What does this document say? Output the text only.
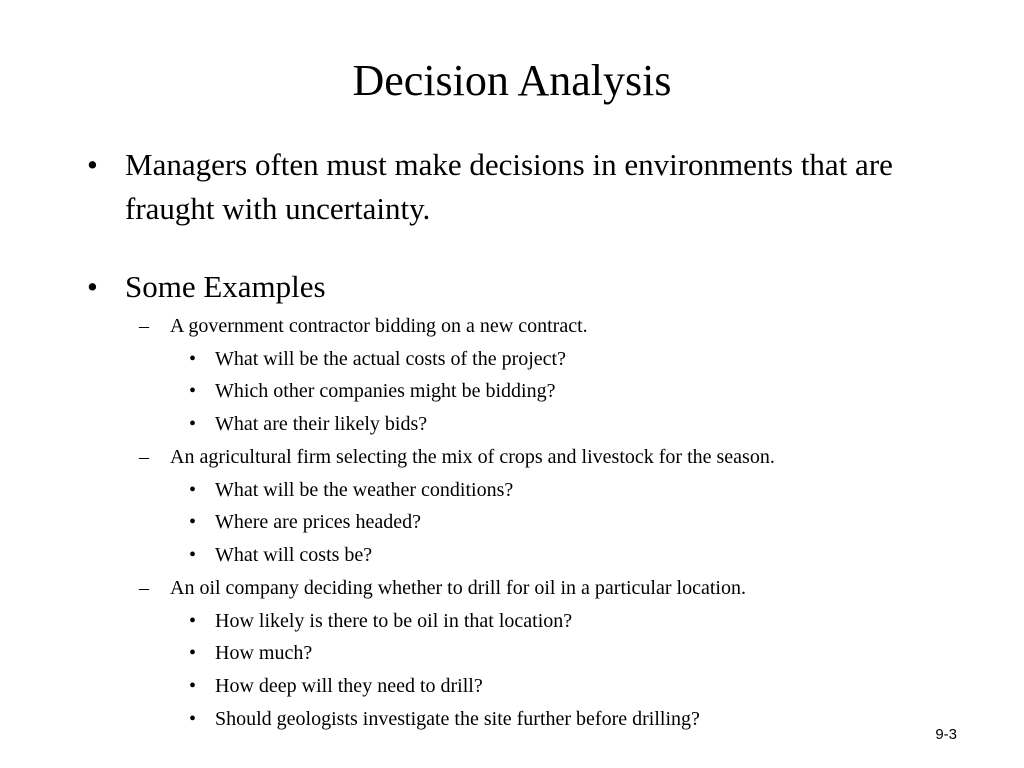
Decision Analysis
• Managers often must make decisions in environments that are fraught with uncertainty.
• Some Examples
– A government contractor bidding on a new contract.
• What will be the actual costs of the project?
• Which other companies might be bidding?
• What are their likely bids?
– An agricultural firm selecting the mix of crops and livestock for the season.
• What will be the weather conditions?
• Where are prices headed?
• What will costs be?
– An oil company deciding whether to drill for oil in a particular location.
• How likely is there to be oil in that location?
• How much?
• How deep will they need to drill?
• Should geologists investigate the site further before drilling?
9-3
